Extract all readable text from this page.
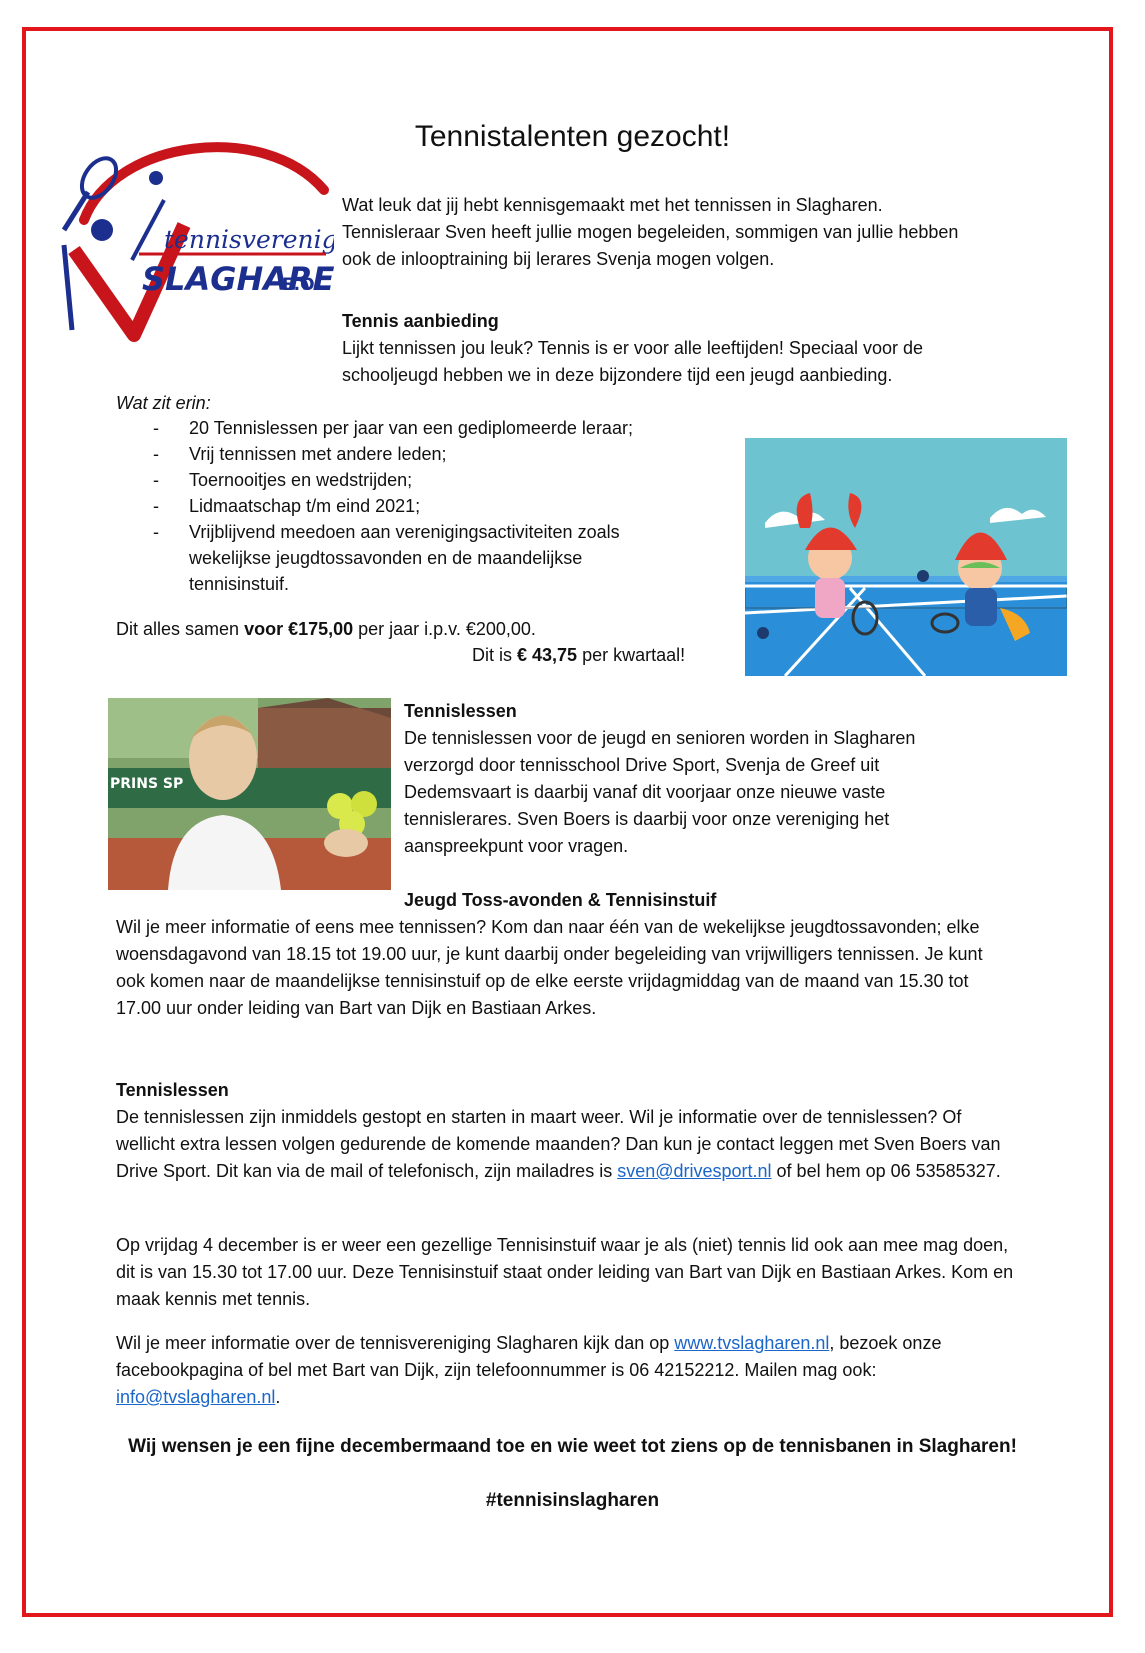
Tennistalenten gezocht!
tennisvereni
SLAGHARE
E.O.

Wat leuk dat jij hebt kennisgemaakt met het tennissen in Slagharen. Tennisleraar Sven heeft jullie mogen begeleiden, sommigen van jullie hebben ook de inlooptraining bij lerares Svenja mogen volgen.

Tennis aanbieding

Lijkt tennissen jou leuk? Tennis is er voor alle leeftijden! Speciaal voor de schooljeugd hebben we in deze bijzondere tijd een jeugd aanbieding.

Wat zit erin:
- 20 Tennislessen per jaar van een gediplomeerde leraar;
- Vrij tennissen met andere leden;
- Toernooitjes en wedstrijden;
- Lidmaatschap t/m eind 2021;
- Vrijblijvend meedoen aan verenigingsactiviteiten zoals wekelijkse jeugdtossavonden en de maandelijkse tennisinstuif.
Dit alles samen voor €175,00 per jaar i.p.v. €200,00.
Dit is € 43,75 per kwartaal!
PRINS SP

Tennislessen

De tennislessen voor de jeugd en senioren worden in Slagharen verzorgd door tennisschool Drive Sport, Svenja de Greef uit Dedemsvaart is daarbij vanaf dit voorjaar onze nieuwe vaste tennislerares. Sven Boers is daarbij voor onze vereniging het aanspreekpunt voor vragen.

Jeugd Toss-avonden & Tennisinstuif

Wil je meer informatie of eens mee tennissen? Kom dan naar één van de wekelijkse jeugdtossavonden; elke woensdagavond van 18.15 tot 19.00 uur, je kunt daarbij onder begeleiding van vrijwilligers tennissen. Je kunt ook komen naar de maandelijkse tennisinstuif op de elke eerste vrijdagmiddag van de maand van 15.30 tot 17.00 uur onder leiding van Bart van Dijk en Bastiaan Arkes.

Tennislessen

De tennislessen zijn inmiddels gestopt en starten in maart weer. Wil je informatie over de tennislessen? Of wellicht extra lessen volgen gedurende de komende maanden? Dan kun je contact leggen met Sven Boers van Drive Sport. Dit kan via de mail of telefonisch, zijn mailadres is sven@drivesport.nl of bel hem op 06 53585327.

Op vrijdag 4 december is er weer een gezellige Tennisinstuif waar je als (niet) tennis lid ook aan mee mag doen, dit is van 15.30 tot 17.00 uur. Deze Tennisinstuif staat onder leiding van Bart van Dijk en Bastiaan Arkes. Kom en maak kennis met tennis.

Wil je meer informatie over de tennisvereniging Slagharen kijk dan op www.tvslagharen.nl, bezoek onze facebookpagina of bel met Bart van Dijk, zijn telefoonnummer is 06 42152212. Mailen mag ook: info@tvslagharen.nl.

Wij wensen je een fijne decembermaand toe en wie weet tot ziens op de tennisbanen in Slagharen!

#tennisinslagharen
